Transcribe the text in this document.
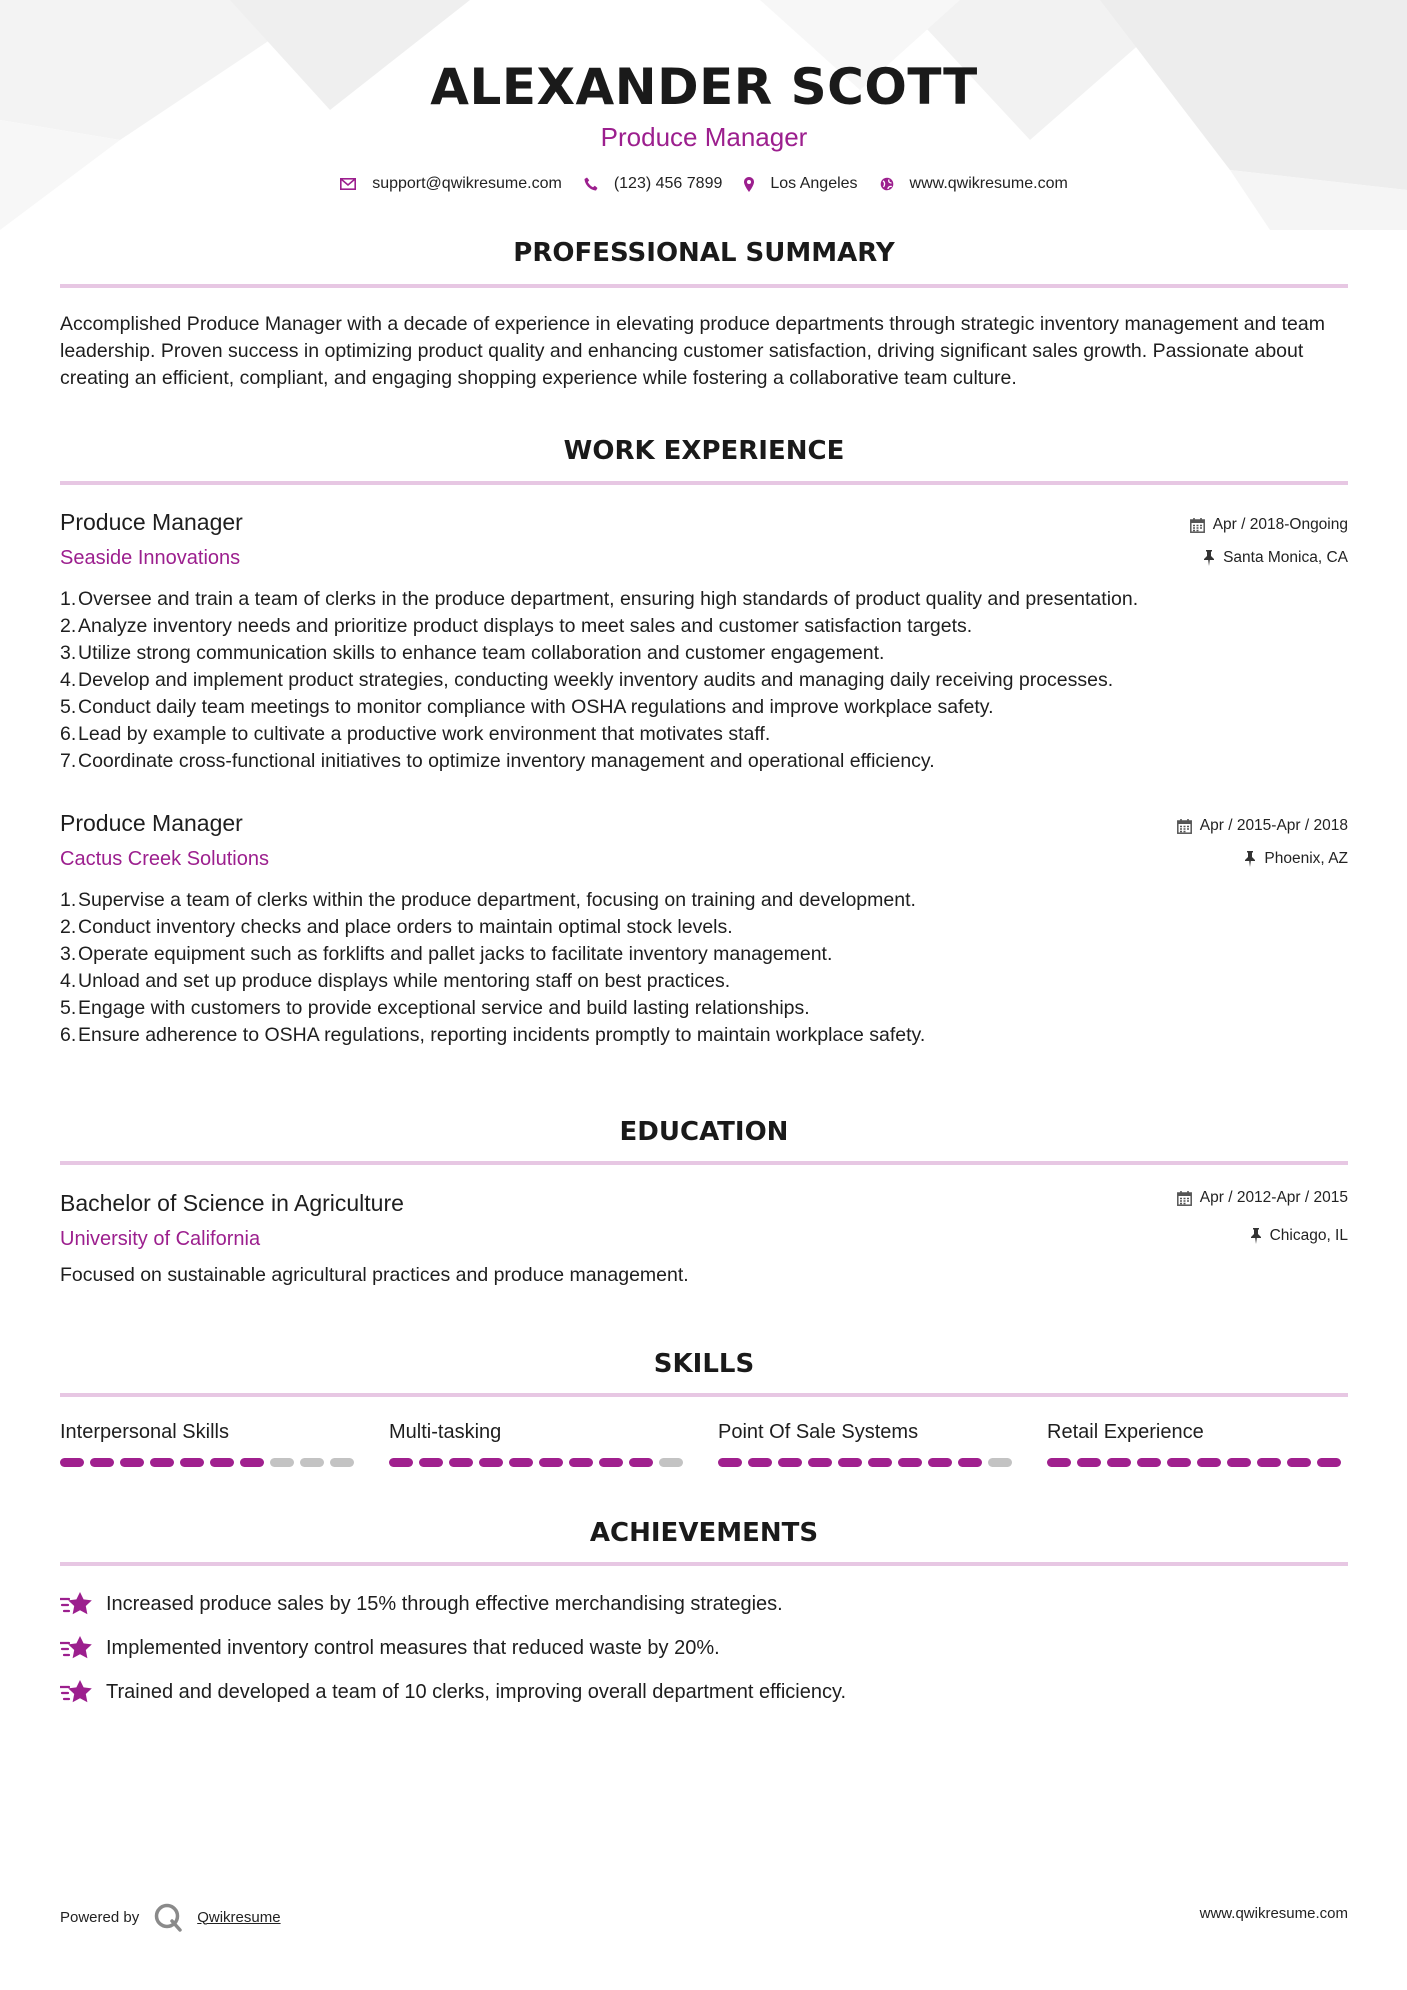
ALEXANDER SCOTT
Produce Manager
support@qwikresume.com	(123) 456 7899	Los Angeles	www.qwikresume.com
PROFESSIONAL SUMMARY
Accomplished Produce Manager with a decade of experience in elevating produce departments through strategic inventory management and team leadership. Proven success in optimizing product quality and enhancing customer satisfaction, driving significant sales growth. Passionate about creating an efficient, compliant, and engaging shopping experience while fostering a collaborative team culture.
WORK EXPERIENCE
Produce Manager
Seaside Innovations
Apr / 2018-Ongoing
Santa Monica, CA
1. Oversee and train a team of clerks in the produce department, ensuring high standards of product quality and presentation.
2. Analyze inventory needs and prioritize product displays to meet sales and customer satisfaction targets.
3. Utilize strong communication skills to enhance team collaboration and customer engagement.
4. Develop and implement product strategies, conducting weekly inventory audits and managing daily receiving processes.
5. Conduct daily team meetings to monitor compliance with OSHA regulations and improve workplace safety.
6. Lead by example to cultivate a productive work environment that motivates staff.
7. Coordinate cross-functional initiatives to optimize inventory management and operational efficiency.
Produce Manager
Cactus Creek Solutions
Apr / 2015-Apr / 2018
Phoenix, AZ
1. Supervise a team of clerks within the produce department, focusing on training and development.
2. Conduct inventory checks and place orders to maintain optimal stock levels.
3. Operate equipment such as forklifts and pallet jacks to facilitate inventory management.
4. Unload and set up produce displays while mentoring staff on best practices.
5. Engage with customers to provide exceptional service and build lasting relationships.
6. Ensure adherence to OSHA regulations, reporting incidents promptly to maintain workplace safety.
EDUCATION
Bachelor of Science in Agriculture
University of California
Apr / 2012-Apr / 2015
Chicago, IL
Focused on sustainable agricultural practices and produce management.
SKILLS
Interpersonal Skills	Multi-tasking	Point Of Sale Systems	Retail Experience
ACHIEVEMENTS
Increased produce sales by 15% through effective merchandising strategies.
Implemented inventory control measures that reduced waste by 20%.
Trained and developed a team of 10 clerks, improving overall department efficiency.
Powered by	Qwikresume	www.qwikresume.com
